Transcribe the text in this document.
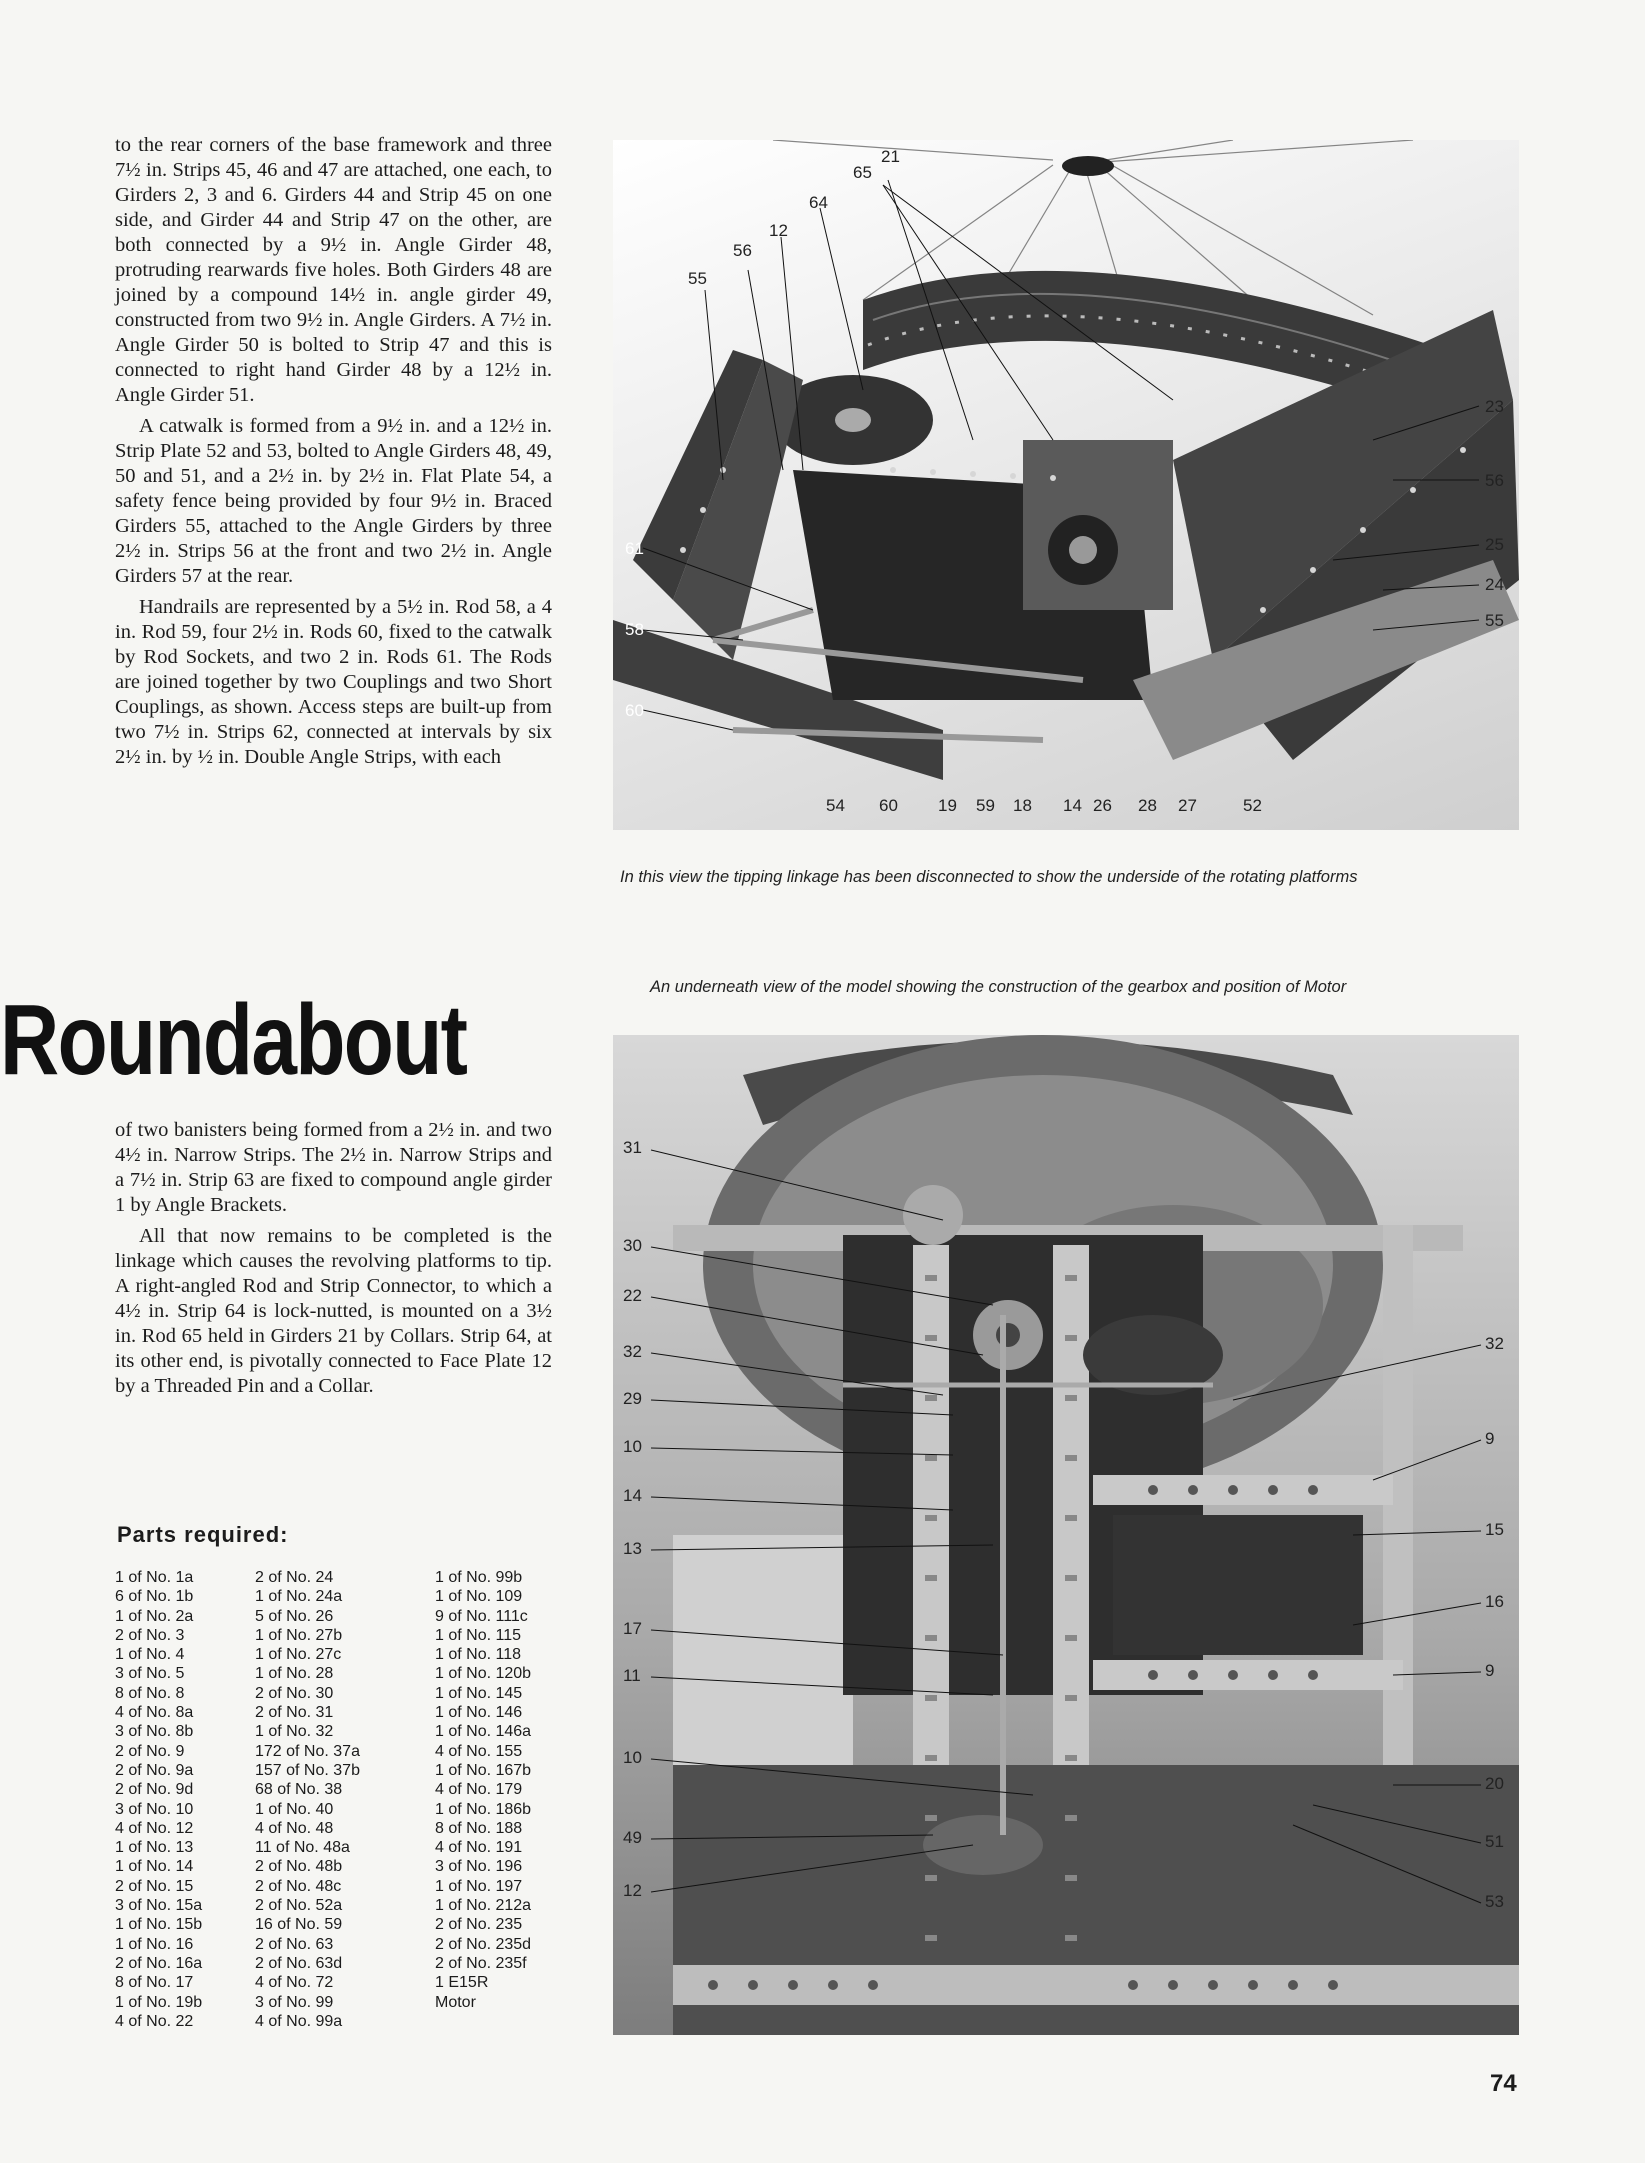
to the rear corners of the base framework and three 7½ in. Strips 45, 46 and 47 are attached, one each, to Girders 2, 3 and 6. Girders 44 and Strip 45 on one side, and Girder 44 and Strip 47 on the other, are both connected by a 9½ in. Angle Girder 48, protruding rearwards five holes. Both Girders 48 are joined by a compound 14½ in. angle girder 49, constructed from two 9½ in. Angle Girders. A 7½ in. Angle Girder 50 is bolted to Strip 47 and this is connected to right hand Girder 48 by a 12½ in. Angle Girder 51.

A catwalk is formed from a 9½ in. and a 12½ in. Strip Plate 52 and 53, bolted to Angle Girders 48, 49, 50 and 51, and a 2½ in. by 2½ in. Flat Plate 54, a safety fence being provided by four 9½ in. Braced Girders 55, attached to the Angle Girders by three 2½ in. Strips 56 at the front and two 2½ in. Angle Girders 57 at the rear.

Handrails are represented by a 5½ in. Rod 58, a 4 in. Rod 59, four 2½ in. Rods 60, fixed to the catwalk by Rod Sockets, and two 2 in. Rods 61. The Rods are joined together by two Couplings and two Short Couplings, as shown. Access steps are built-up from two 7½ in. Strips 62, connected at intervals by six 2½ in. by ½ in. Double Angle Strips, with each

Roundabout

of two banisters being formed from a 2½ in. and two 4½ in. Narrow Strips. The 2½ in. Narrow Strips and a 7½ in. Strip 63 are fixed to compound angle girder 1 by Angle Brackets.

All that now remains to be completed is the linkage which causes the revolving platforms to tip. A right-angled Rod and Strip Connector, to which a 4½ in. Strip 64 is lock-nutted, is mounted on a 3½ in. Rod 65 held in Girders 21 by Collars. Strip 64, at its other end, is pivotally connected to Face Plate 12 by a Threaded Pin and a Collar.

Parts required:
1 of No. 1a
6 of No. 1b
1 of No. 2a
2 of No. 3
1 of No. 4
3 of No. 5
8 of No. 8
4 of No. 8a
3 of No. 8b
2 of No. 9
2 of No. 9a
2 of No. 9d
3 of No. 10
4 of No. 12
1 of No. 13
1 of No. 14
2 of No. 15
3 of No. 15a
1 of No. 15b
1 of No. 16
2 of No. 16a
8 of No. 17
1 of No. 19b
4 of No. 22
2 of No. 24
1 of No. 24a
5 of No. 26
1 of No. 27b
1 of No. 27c
1 of No. 28
2 of No. 30
2 of No. 31
1 of No. 32
172 of No. 37a
157 of No. 37b
68 of No. 38
1 of No. 40
4 of No. 48
11 of No. 48a
2 of No. 48b
2 of No. 48c
2 of No. 52a
16 of No. 59
2 of No. 63
2 of No. 63d
4 of No. 72
3 of No. 99
4 of No. 99a
1 of No. 99b
1 of No. 109
9 of No. 111c
1 of No. 115
1 of No. 118
1 of No. 120b
1 of No. 145
1 of No. 146
1 of No. 146a
4 of No. 155
1 of No. 167b
4 of No. 179
1 of No. 186b
8 of No. 188
4 of No. 191
3 of No. 196
1 of No. 197
1 of No. 212a
2 of No. 235
2 of No. 235d
2 of No. 235f
1 E15R
Motor
21
65
64
12
56
55
23
56
25
24
55
61
58
60
54 60 19 59 18 14 26 28 27	52

In this view the tipping linkage has been disconnected to show the underside of the rotating platforms

An underneath view of the model showing the construction of the gearbox and position of Motor

31
30
22
32
29
10
14
13
17
11
10
49
12
32
9
15
16
9
20
51
53

74
